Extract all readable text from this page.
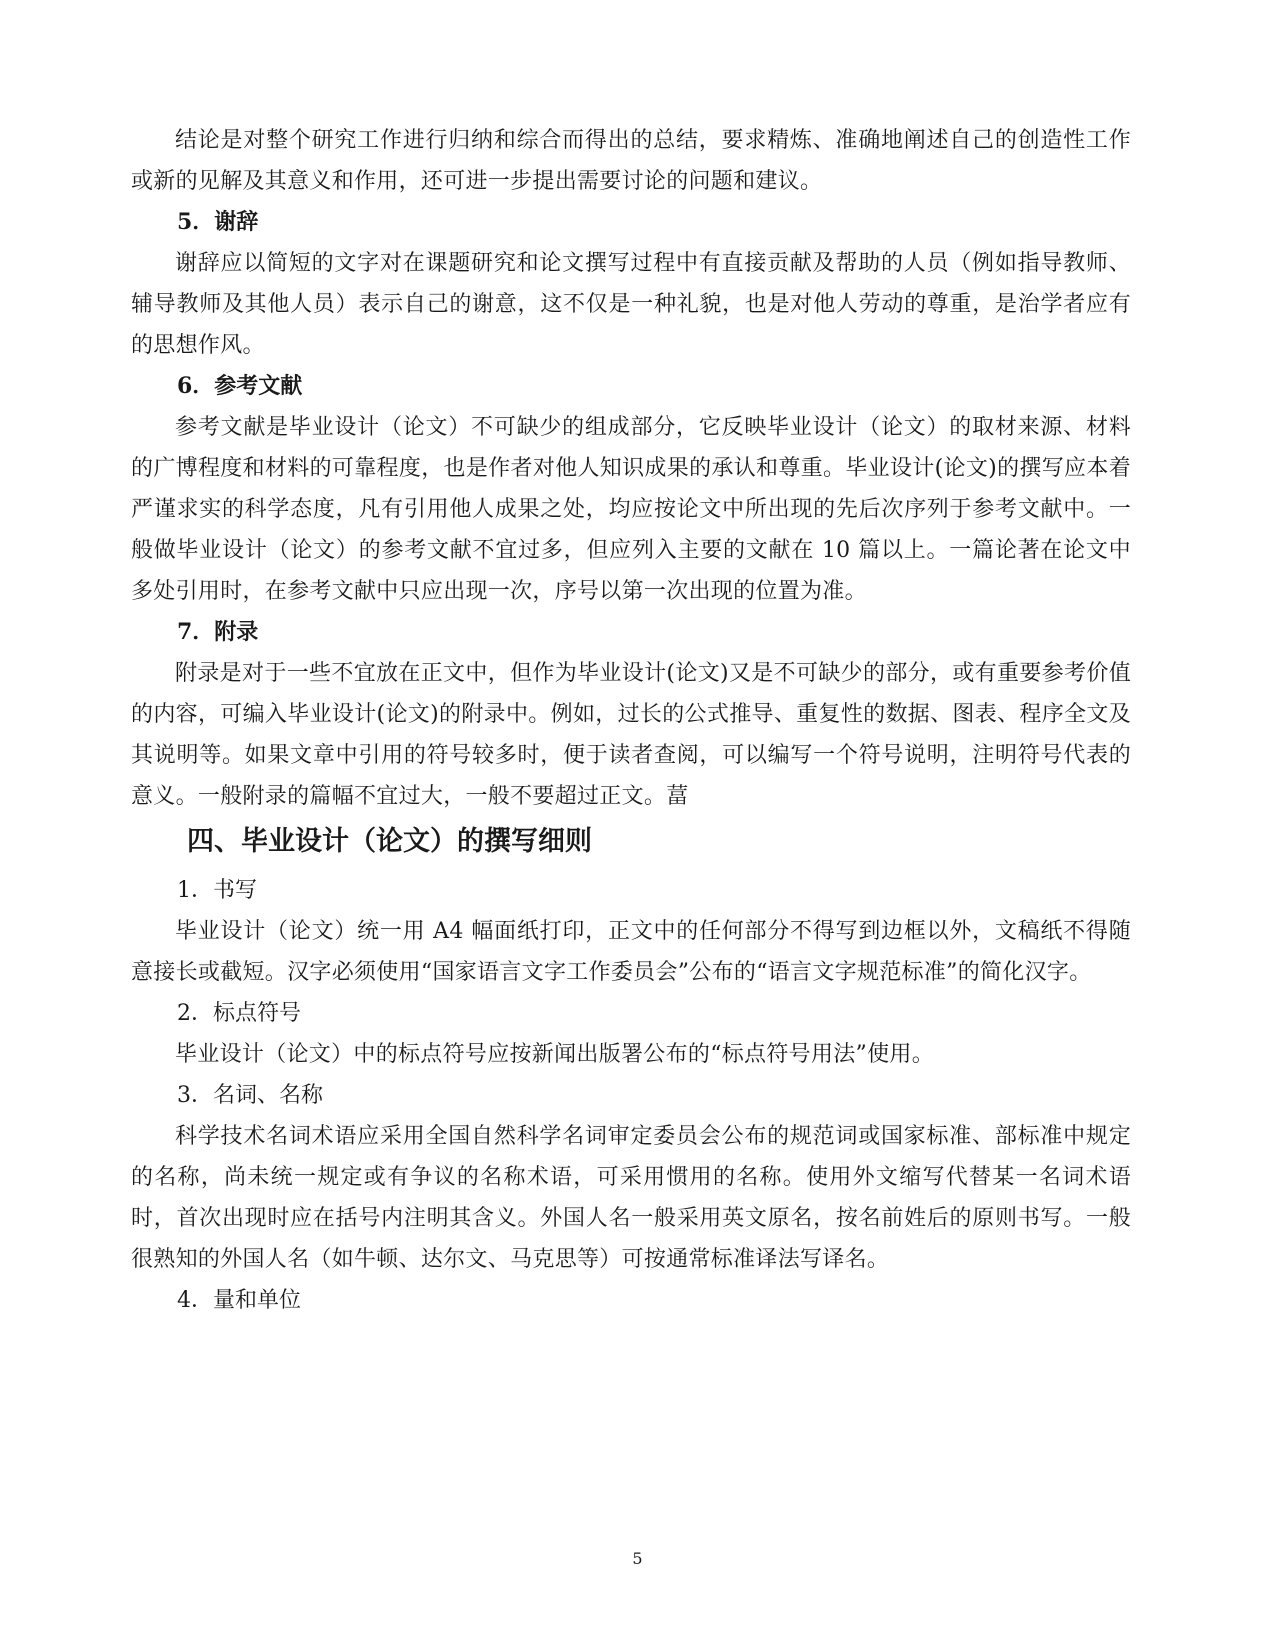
结论是对整个研究工作进行归纳和综合而得出的总结，要求精炼、准确地阐述自己的创造性工作或新的见解及其意义和作用，还可进一步提出需要讨论的问题和建议。

5．谢辞

谢辞应以简短的文字对在课题研究和论文撰写过程中有直接贡献及帮助的人员（例如指导教师、辅导教师及其他人员）表示自己的谢意，这不仅是一种礼貌，也是对他人劳动的尊重，是治学者应有的思想作风。

6．参考文献

参考文献是毕业设计（论文）不可缺少的组成部分，它反映毕业设计（论文）的取材来源、材料的广博程度和材料的可靠程度，也是作者对他人知识成果的承认和尊重。毕业设计(论文)的撰写应本着严谨求实的科学态度，凡有引用他人成果之处，均应按论文中所出现的先后次序列于参考文献中。一般做毕业设计（论文）的参考文献不宜过多，但应列入主要的文献在 10 篇以上。一篇论著在论文中多处引用时，在参考文献中只应出现一次，序号以第一次出现的位置为准。

7．附录

附录是对于一些不宜放在正文中，但作为毕业设计(论文)又是不可缺少的部分，或有重要参考价值的内容，可编入毕业设计(论文)的附录中。例如，过长的公式推导、重复性的数据、图表、程序全文及其说明等。如果文章中引用的符号较多时，便于读者查阅，可以编写一个符号说明，注明符号代表的意义。一般附录的篇幅不宜过大，一般不要超过正文。葍

四、毕业设计（论文）的撰写细则
1．书写

毕业设计（论文）统一用 A4 幅面纸打印，正文中的任何部分不得写到边框以外，文稿纸不得随意接长或截短。汉字必须使用“国家语言文字工作委员会”公布的“语言文字规范标准”的简化汉字。

2．标点符号

毕业设计（论文）中的标点符号应按新闻出版署公布的“标点符号用法”使用。

3．名词、名称

科学技术名词术语应采用全国自然科学名词审定委员会公布的规范词或国家标准、部标准中规定的名称，尚未统一规定或有争议的名称术语，可采用惯用的名称。使用外文缩写代替某一名词术语时，首次出现时应在括号内注明其含义。外国人名一般采用英文原名，按名前姓后的原则书写。一般很熟知的外国人名（如牛顿、达尔文、马克思等）可按通常标准译法写译名。

4．量和单位
5
